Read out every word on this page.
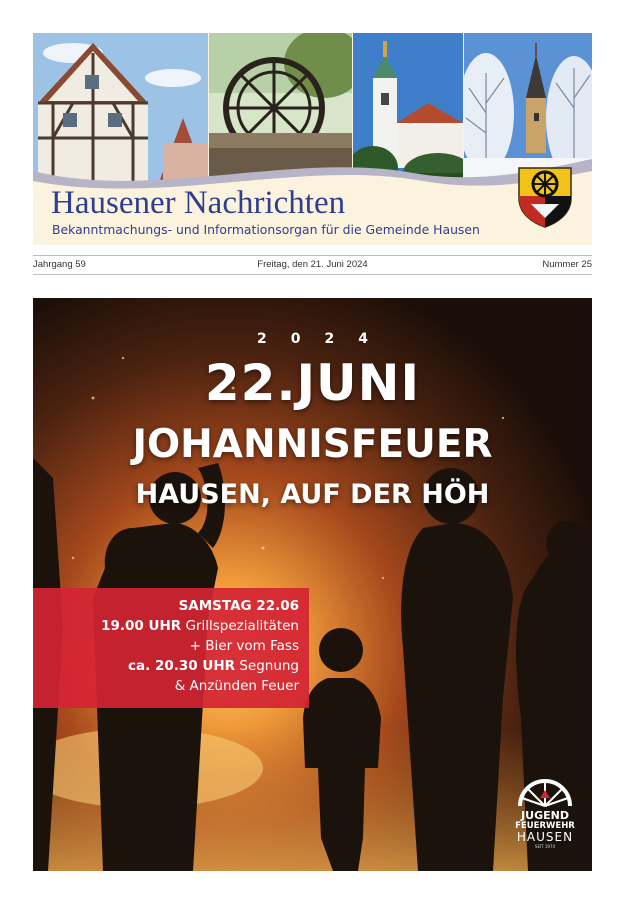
Hausener Nachrichten
Bekanntmachungs- und Informationsorgan für die Gemeinde Hausen
Jahrgang 59	Freitag, den 21. Juni 2024	Nummer 25
2024
22.JUNI
JOHANNISFEUER
HAUSEN, AUF DER HÖH
SAMSTAG 22.06
19.00 UHR Grillspezialitäten
+ Bier vom Fass
ca. 20.30 UHR Segnung
& Anzünden Feuer
JUGEND
FEUERWEHR
HAUSEN
SEIT 1974
